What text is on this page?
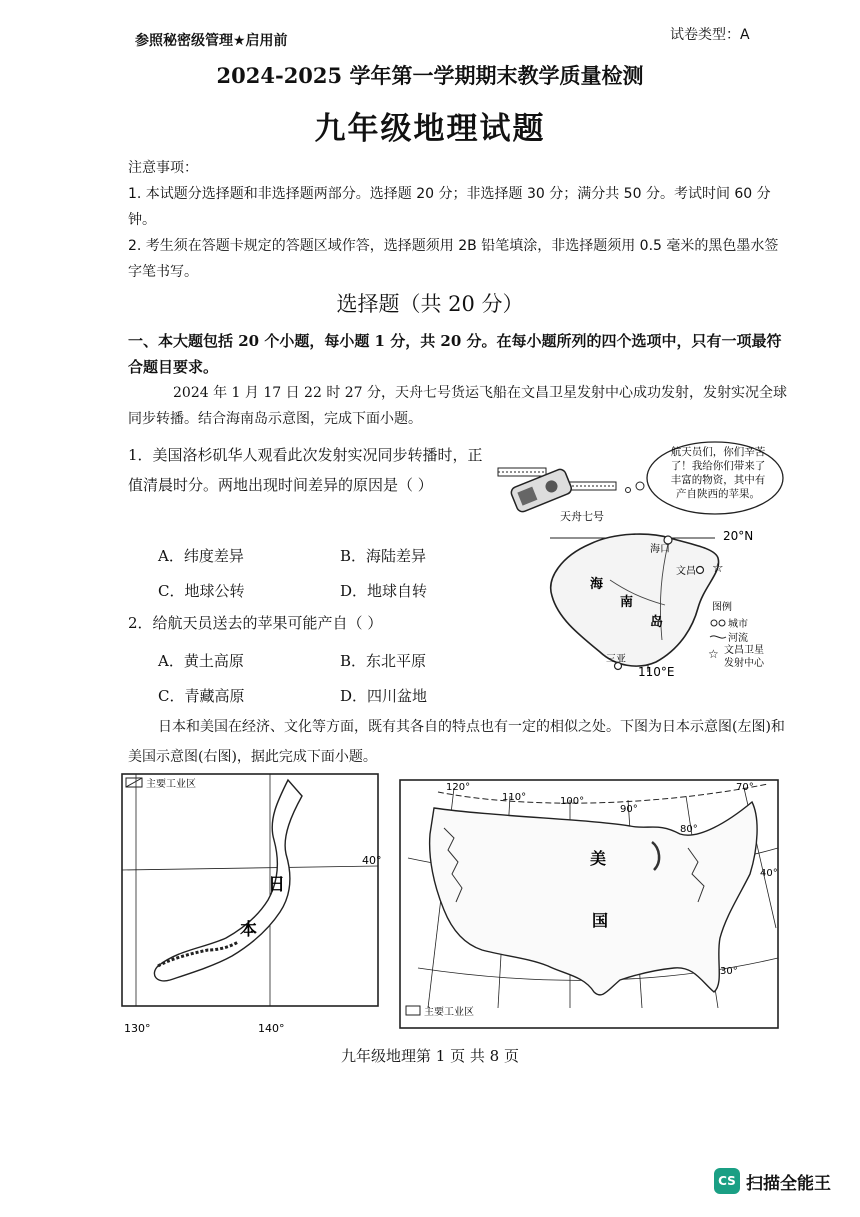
参照秘密级管理★启用前	试卷类型：A
2024-2025 学年第一学期期末教学质量检测
九年级地理试题

注意事项：

1. 本试题分选择题和非选择题两部分。选择题 20 分；非选择题 30 分；满分共 50 分。考试时间 60 分钟。

2. 考生须在答题卡规定的答题区域作答，选择题须用 2B 铅笔填涂，非选择题须用 0.5 毫米的黑色墨水签字笔书写。

选择题（共 20 分）
一、本大题包括 20 个小题，每小题 1 分，共 20 分。在每小题所列的四个选项中，只有一项最符合题目要求。
2024 年 1 月 17 日 22 时 27 分，天舟七号货运飞船在文昌卫星发射中心成功发射，发射实况全球同步转播。结合海南岛示意图，完成下面小题。
1．美国洛杉矶华人观看此次发射实况同步转播时，正值清晨时分。两地出现时间差异的原因是（ ）
A．纬度差异	B．海陆差异
C．地球公转	D．地球自转
2．给航天员送去的苹果可能产自（ ）
A．黄土高原	B．东北平原
C．青藏高原	D．四川盆地
航天员们，你们辛苦
了！我给你们带来了
丰富的物资，其中有
产自陕西的苹果。
天舟七号
20°N
110°E
海口
文昌 ☆
三亚
海
南
岛
图例
城市
河流
☆ 文昌卫星
发射中心
日本和美国在经济、文化等方面，既有其各自的特点也有一定的相似之处。下图为日本示意图(左图)和美国示意图(右图)，据此完成下面小题。
主要工业区
40°
日
本
130°	140°
120°
110°	100°
90°
80°
70°
40°
30°
美
国
主要工业区
九年级地理第 1 页 共 8 页
CS 扫描全能王
